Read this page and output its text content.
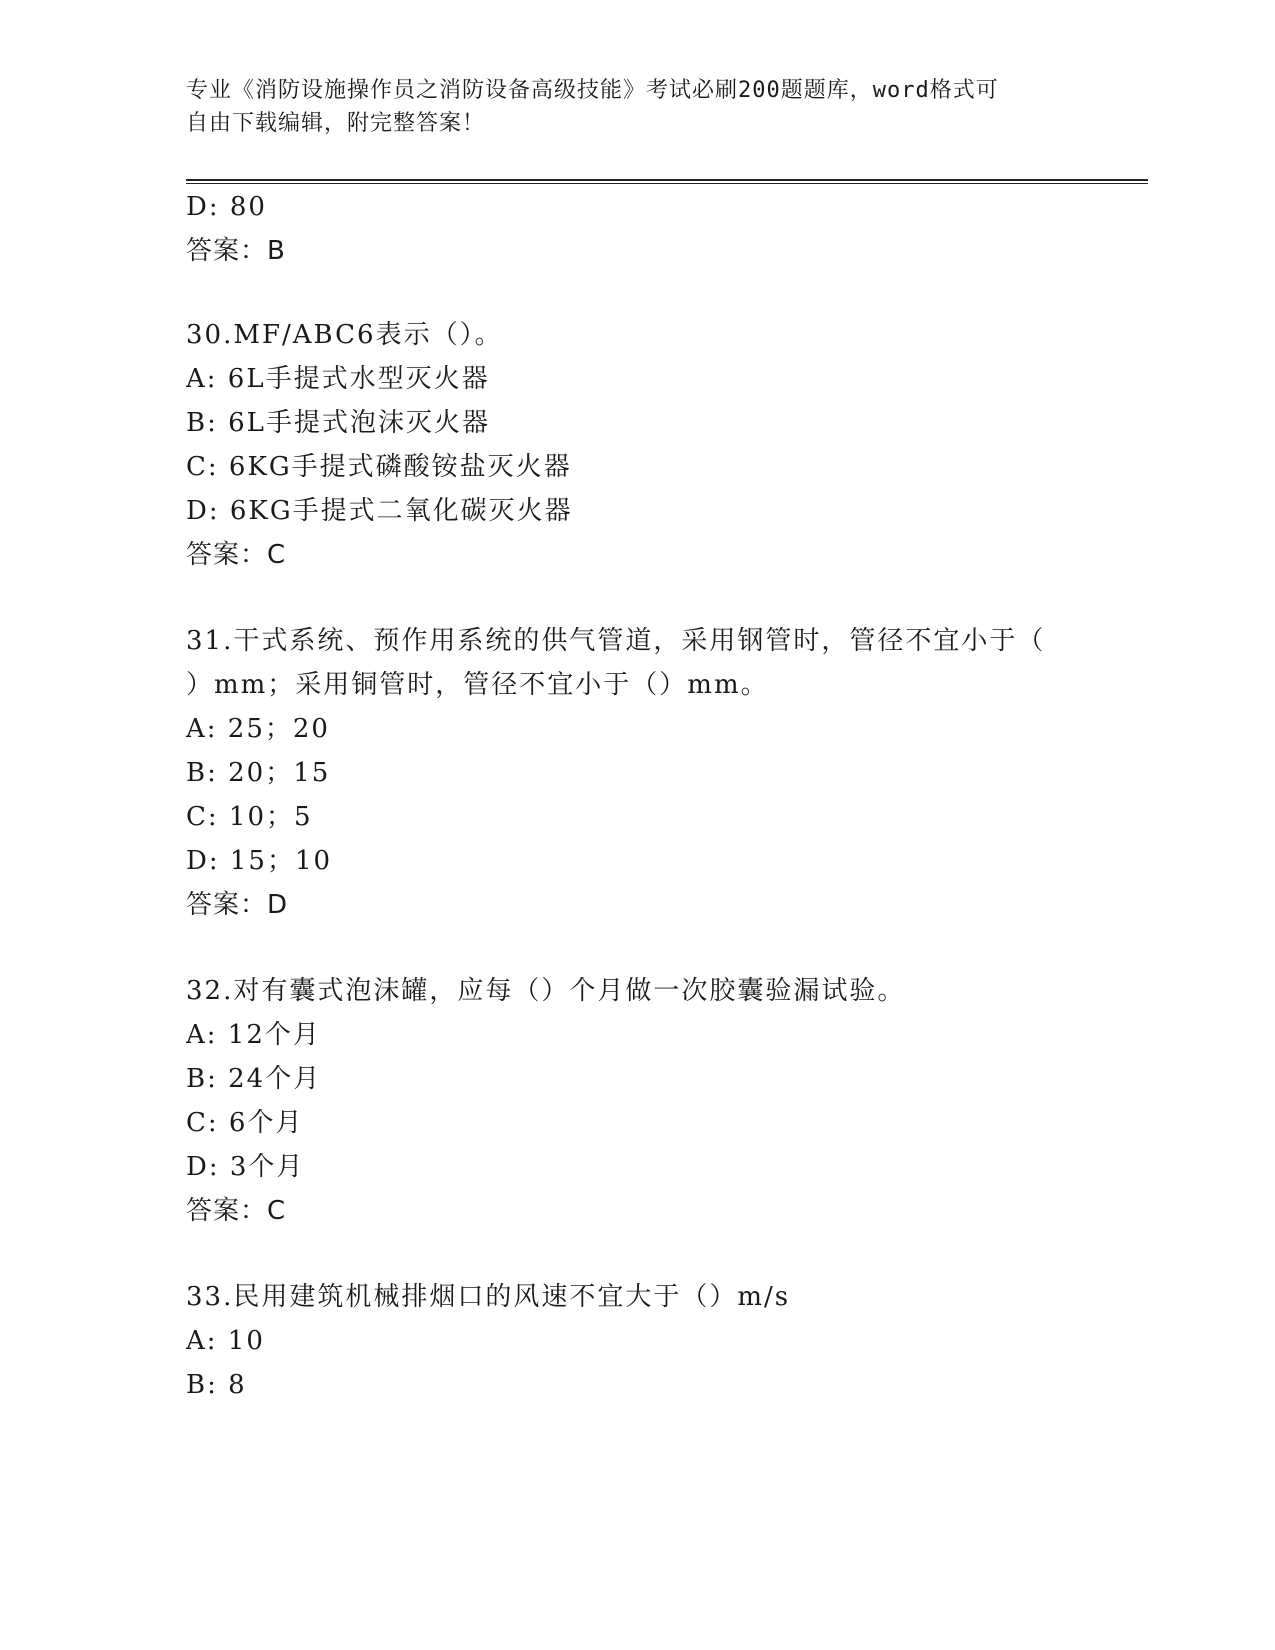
专业《消防设施操作员之消防设备高级技能》考试必刷200题题库，word格式可
自由下载编辑，附完整答案！
D: 80
答案：B
30.MF/ABC6表示（）。
A: 6L手提式水型灭火器
B: 6L手提式泡沫灭火器
C: 6KG手提式磷酸铵盐灭火器
D: 6KG手提式二氧化碳灭火器
答案：C
31.干式系统、预作用系统的供气管道，采用钢管时，管径不宜小于（
）mm；采用铜管时，管径不宜小于（）mm。
A: 25；20
B: 20；15
C: 10；5
D: 15；10
答案：D
32.对有囊式泡沫罐，应每（）个月做一次胶囊验漏试验。
A: 12个月
B: 24个月
C: 6个月
D: 3个月
答案：C
33.民用建筑机械排烟口的风速不宜大于（）m/s
A: 10
B: 8
